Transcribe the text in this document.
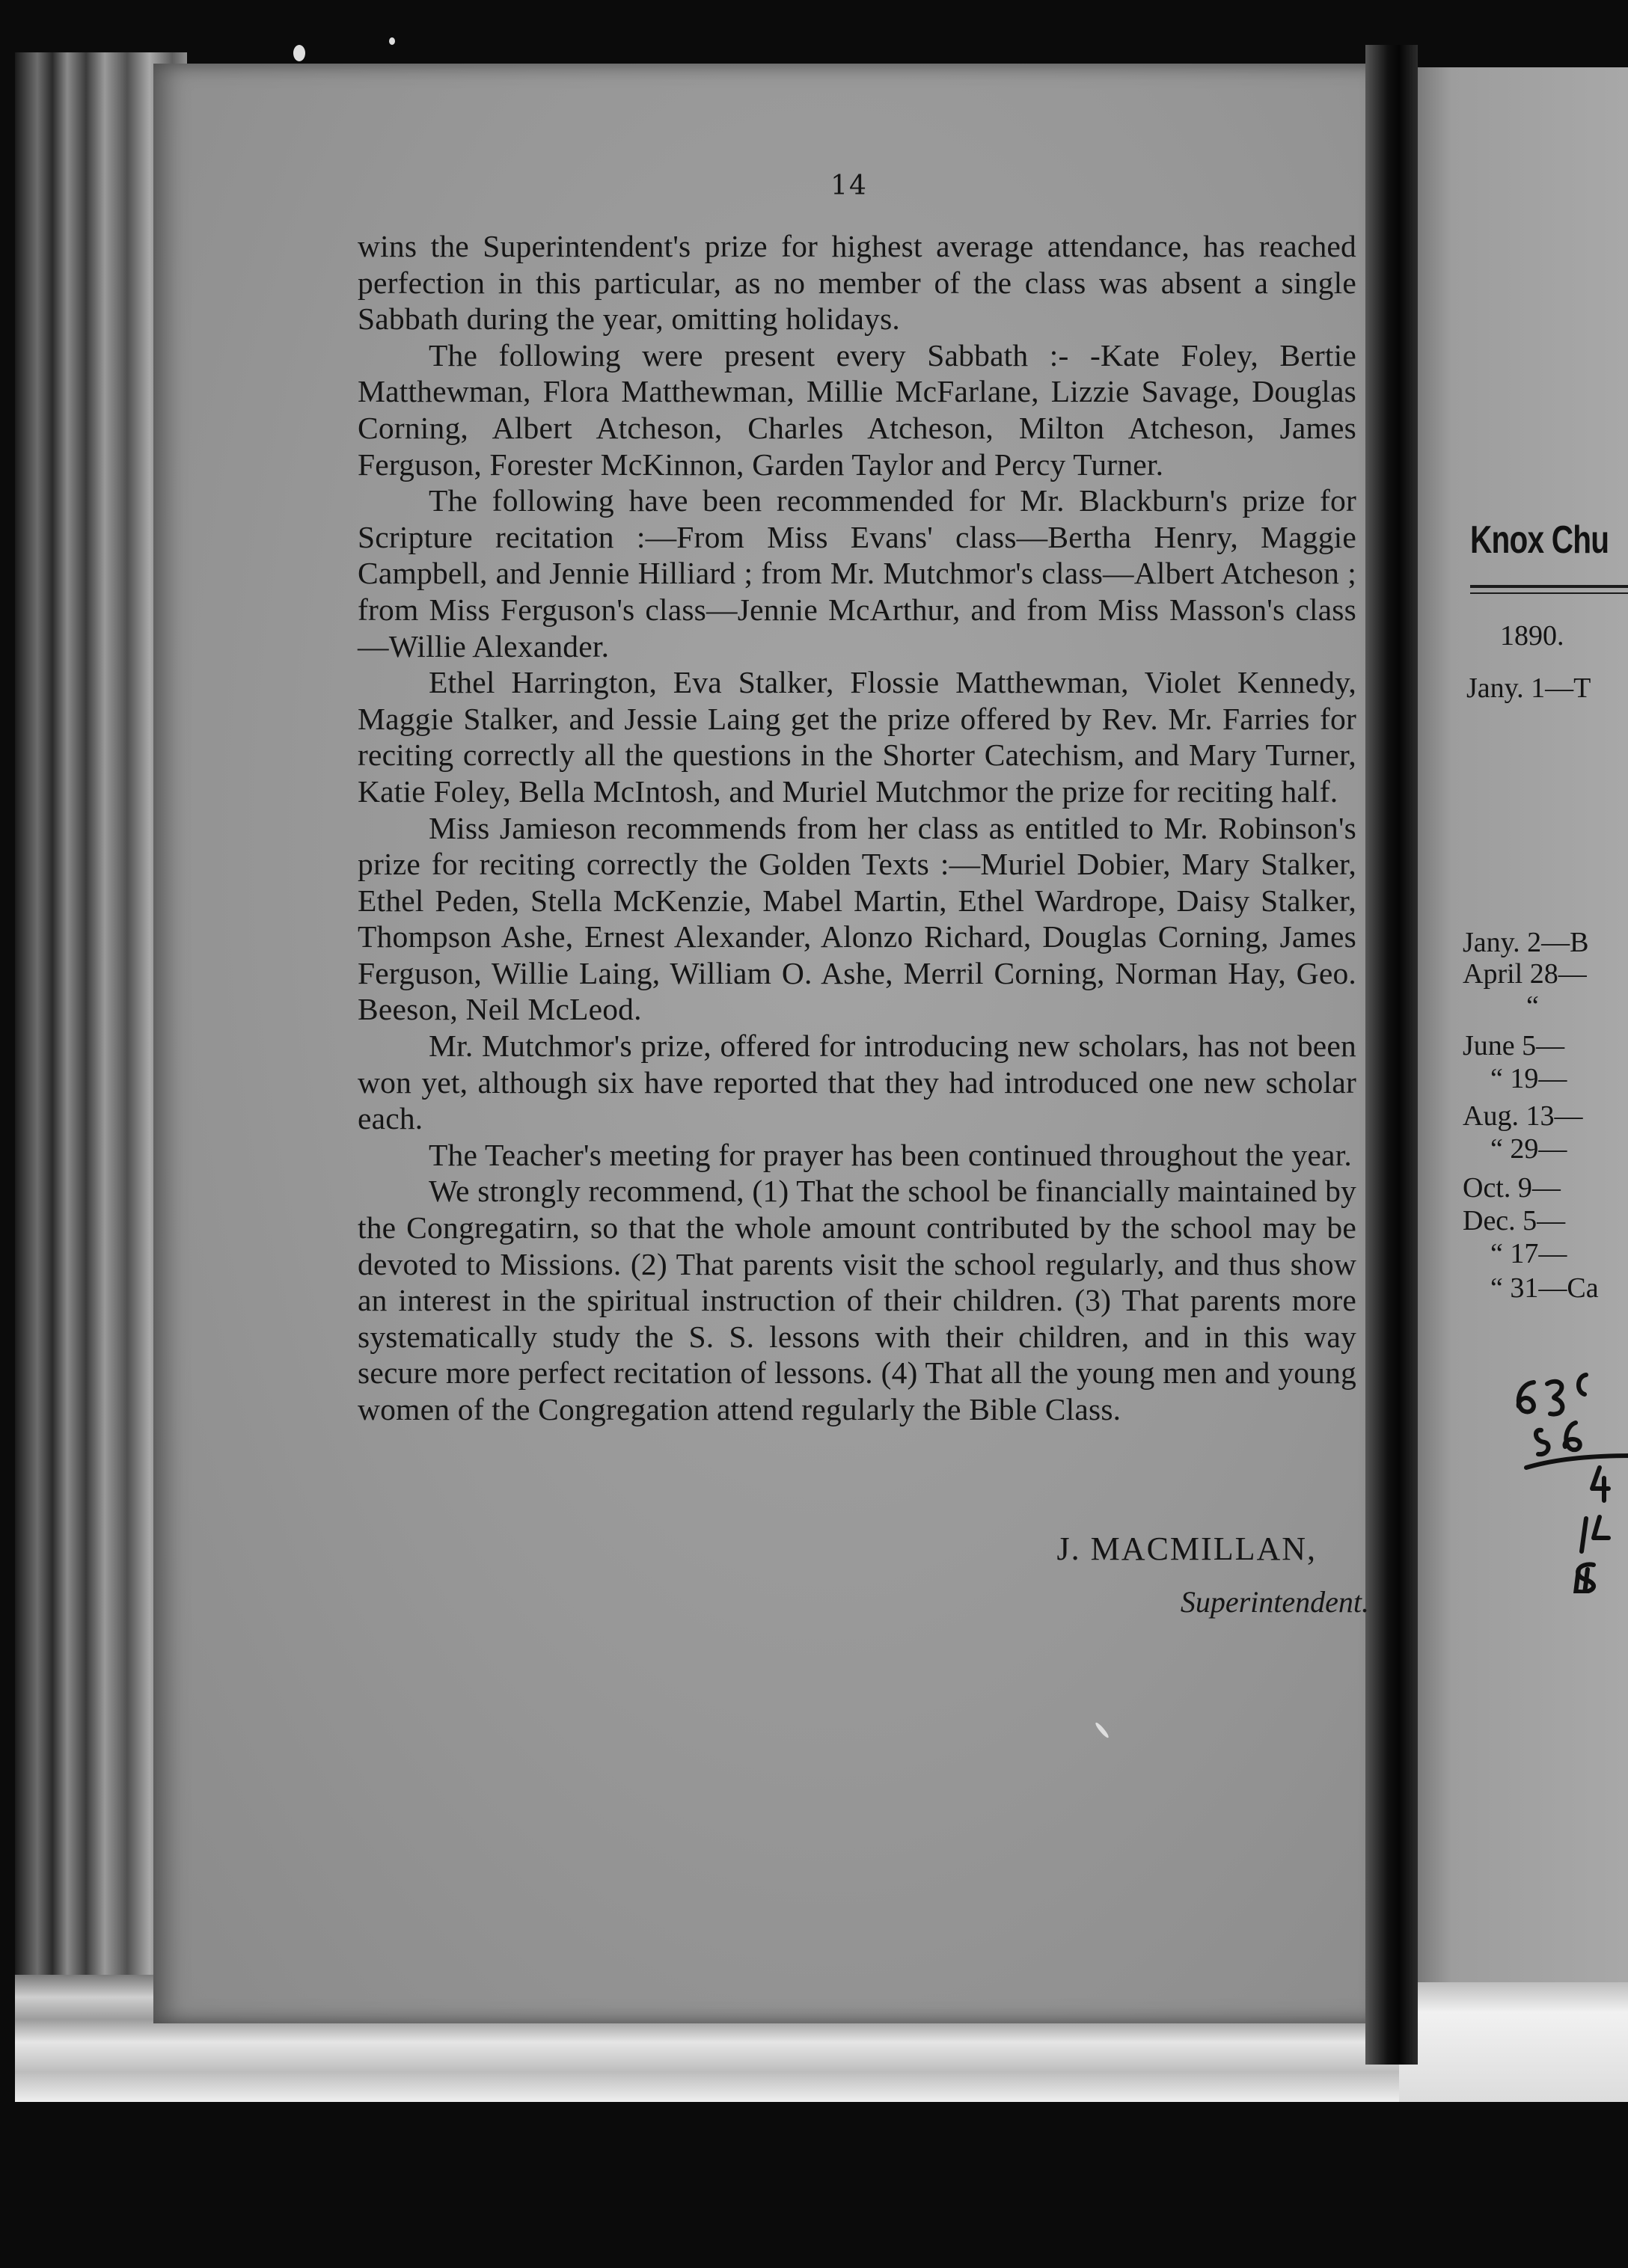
14

wins the Superintendent's prize for highest average attendance, has reached perfection in this particular, as no member of the class was absent a single Sabbath during the year, omitting holidays.

The following were present every Sabbath :- -Kate Foley, Bertie Matthewman, Flora Matthewman, Millie McFarlane, Lizzie Savage, Douglas Corning, Albert Atcheson, Charles Atcheson, Milton Atcheson, James Ferguson, Forester McKinnon, Garden Taylor and Percy Turner.

The following have been recommended for Mr. Blackburn's prize for Scripture recitation :—From Miss Evans' class—Bertha Henry, Maggie Campbell, and Jennie Hilliard ; from Mr. Mutchmor's class—Albert Atcheson ; from Miss Ferguson's class—Jennie McArthur, and from Miss Masson's class—Willie Alexander.

Ethel Harrington, Eva Stalker, Flossie Matthewman, Violet Kennedy, Maggie Stalker, and Jessie Laing get the prize offered by Rev. Mr. Farries for reciting correctly all the questions in the Shorter Catechism, and Mary Turner, Katie Foley, Bella McIntosh, and Muriel Mutchmor the prize for reciting half.

Miss Jamieson recommends from her class as entitled to Mr. Robinson's prize for reciting correctly the Golden Texts :—Muriel Dobier, Mary Stalker, Ethel Peden, Stella McKenzie, Mabel Martin, Ethel Wardrope, Daisy Stalker, Thompson Ashe, Ernest Alexander, Alonzo Richard, Douglas Corning, James Ferguson, Willie Laing, William O. Ashe, Merril Corning, Norman Hay, Geo. Beeson, Neil McLeod.

Mr. Mutchmor's prize, offered for introducing new scholars, has not been won yet, although six have reported that they had introduced one new scholar each.

The Teacher's meeting for prayer has been continued throughout the year.

We strongly recommend, (1) That the school be financially maintained by the Congregatirn, so that the whole amount contributed by the school may be devoted to Missions. (2) That parents visit the school regularly, and thus show an interest in the spiritual instruction of their children. (3) That parents more systematically study the S. S. lessons with their children, and in this way secure more perfect recitation of lessons. (4) That all the young men and young women of the Congregation attend regularly the Bible Class.

J. MACMILLAN,
Superintendent.
Knox Chu
1890.
Jany. 1—T
Jany. 2—B
April 28—
“
June 5—
“ 19—
Aug. 13—
“ 29—
Oct. 9—
Dec. 5—
“ 17—
“ 31—Ca
